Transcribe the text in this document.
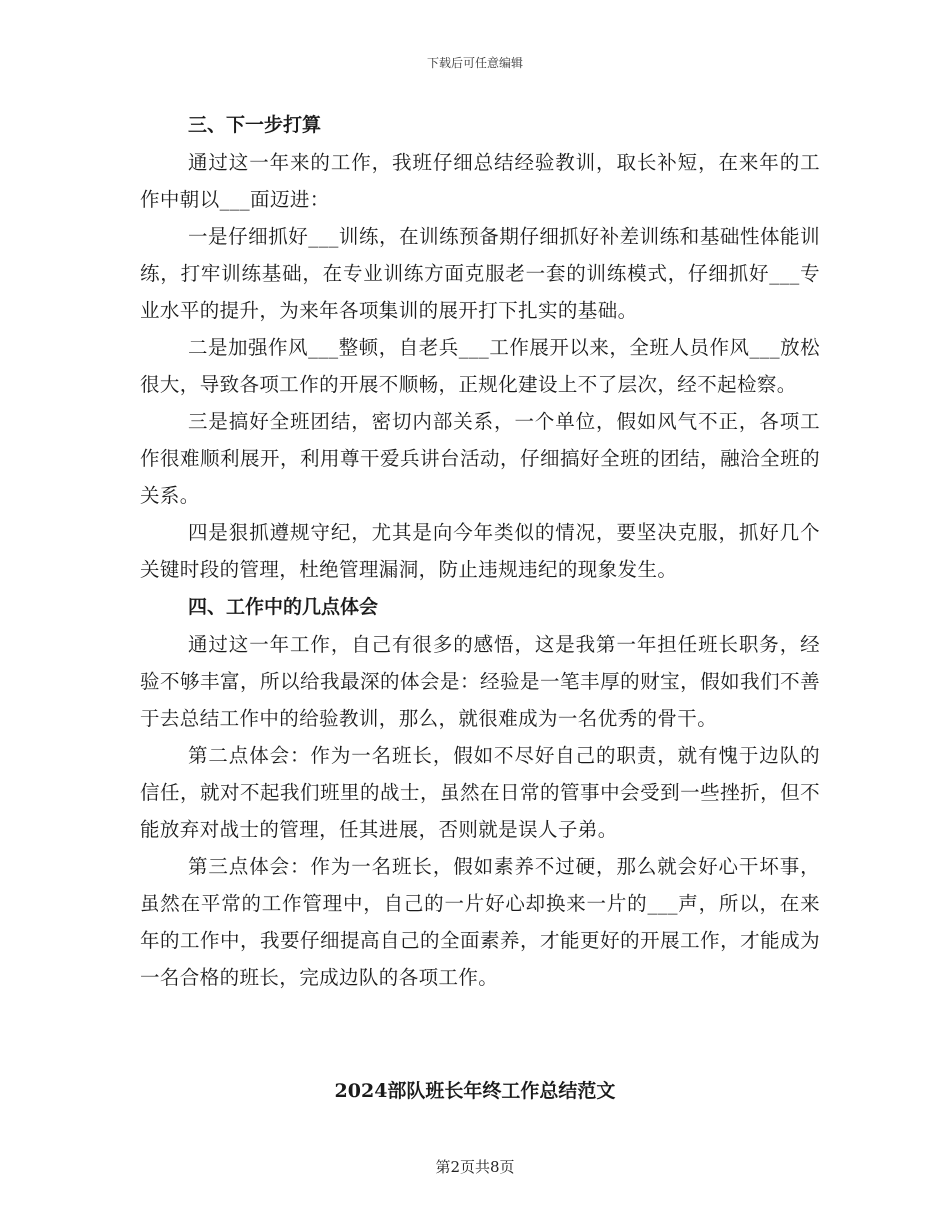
下载后可任意编辑
三、下一步打算

通过这一年来的工作，我班仔细总结经验教训，取长补短，在来年的工作中朝以___面迈进：

一是仔细抓好___训练，在训练预备期仔细抓好补差训练和基础性体能训练，打牢训练基础，在专业训练方面克服老一套的训练模式，仔细抓好___专业水平的提升，为来年各项集训的展开打下扎实的基础。

二是加强作风___整顿，自老兵___工作展开以来，全班人员作风___放松很大，导致各项工作的开展不顺畅，正规化建设上不了层次，经不起检察。

三是搞好全班团结，密切内部关系，一个单位，假如风气不正，各项工作很难顺利展开，利用尊干爱兵讲台活动，仔细搞好全班的团结，融洽全班的关系。

四是狠抓遵规守纪，尤其是向今年类似的情况，要坚决克服，抓好几个关键时段的管理，杜绝管理漏洞，防止违规违纪的现象发生。

四、工作中的几点体会

通过这一年工作，自己有很多的感悟，这是我第一年担任班长职务，经验不够丰富，所以给我最深的体会是：经验是一笔丰厚的财宝，假如我们不善于去总结工作中的给验教训，那么，就很难成为一名优秀的骨干。

第二点体会：作为一名班长，假如不尽好自己的职责，就有愧于边队的信任，就对不起我们班里的战士，虽然在日常的管事中会受到一些挫折，但不能放弃对战士的管理，任其进展，否则就是误人子弟。

第三点体会：作为一名班长，假如素养不过硬，那么就会好心干坏事，虽然在平常的工作管理中，自己的一片好心却换来一片的___声，所以，在来年的工作中，我要仔细提高自己的全面素养，才能更好的开展工作，才能成为一名合格的班长，完成边队的各项工作。

2024部队班长年终工作总结范文
第2页共8页
